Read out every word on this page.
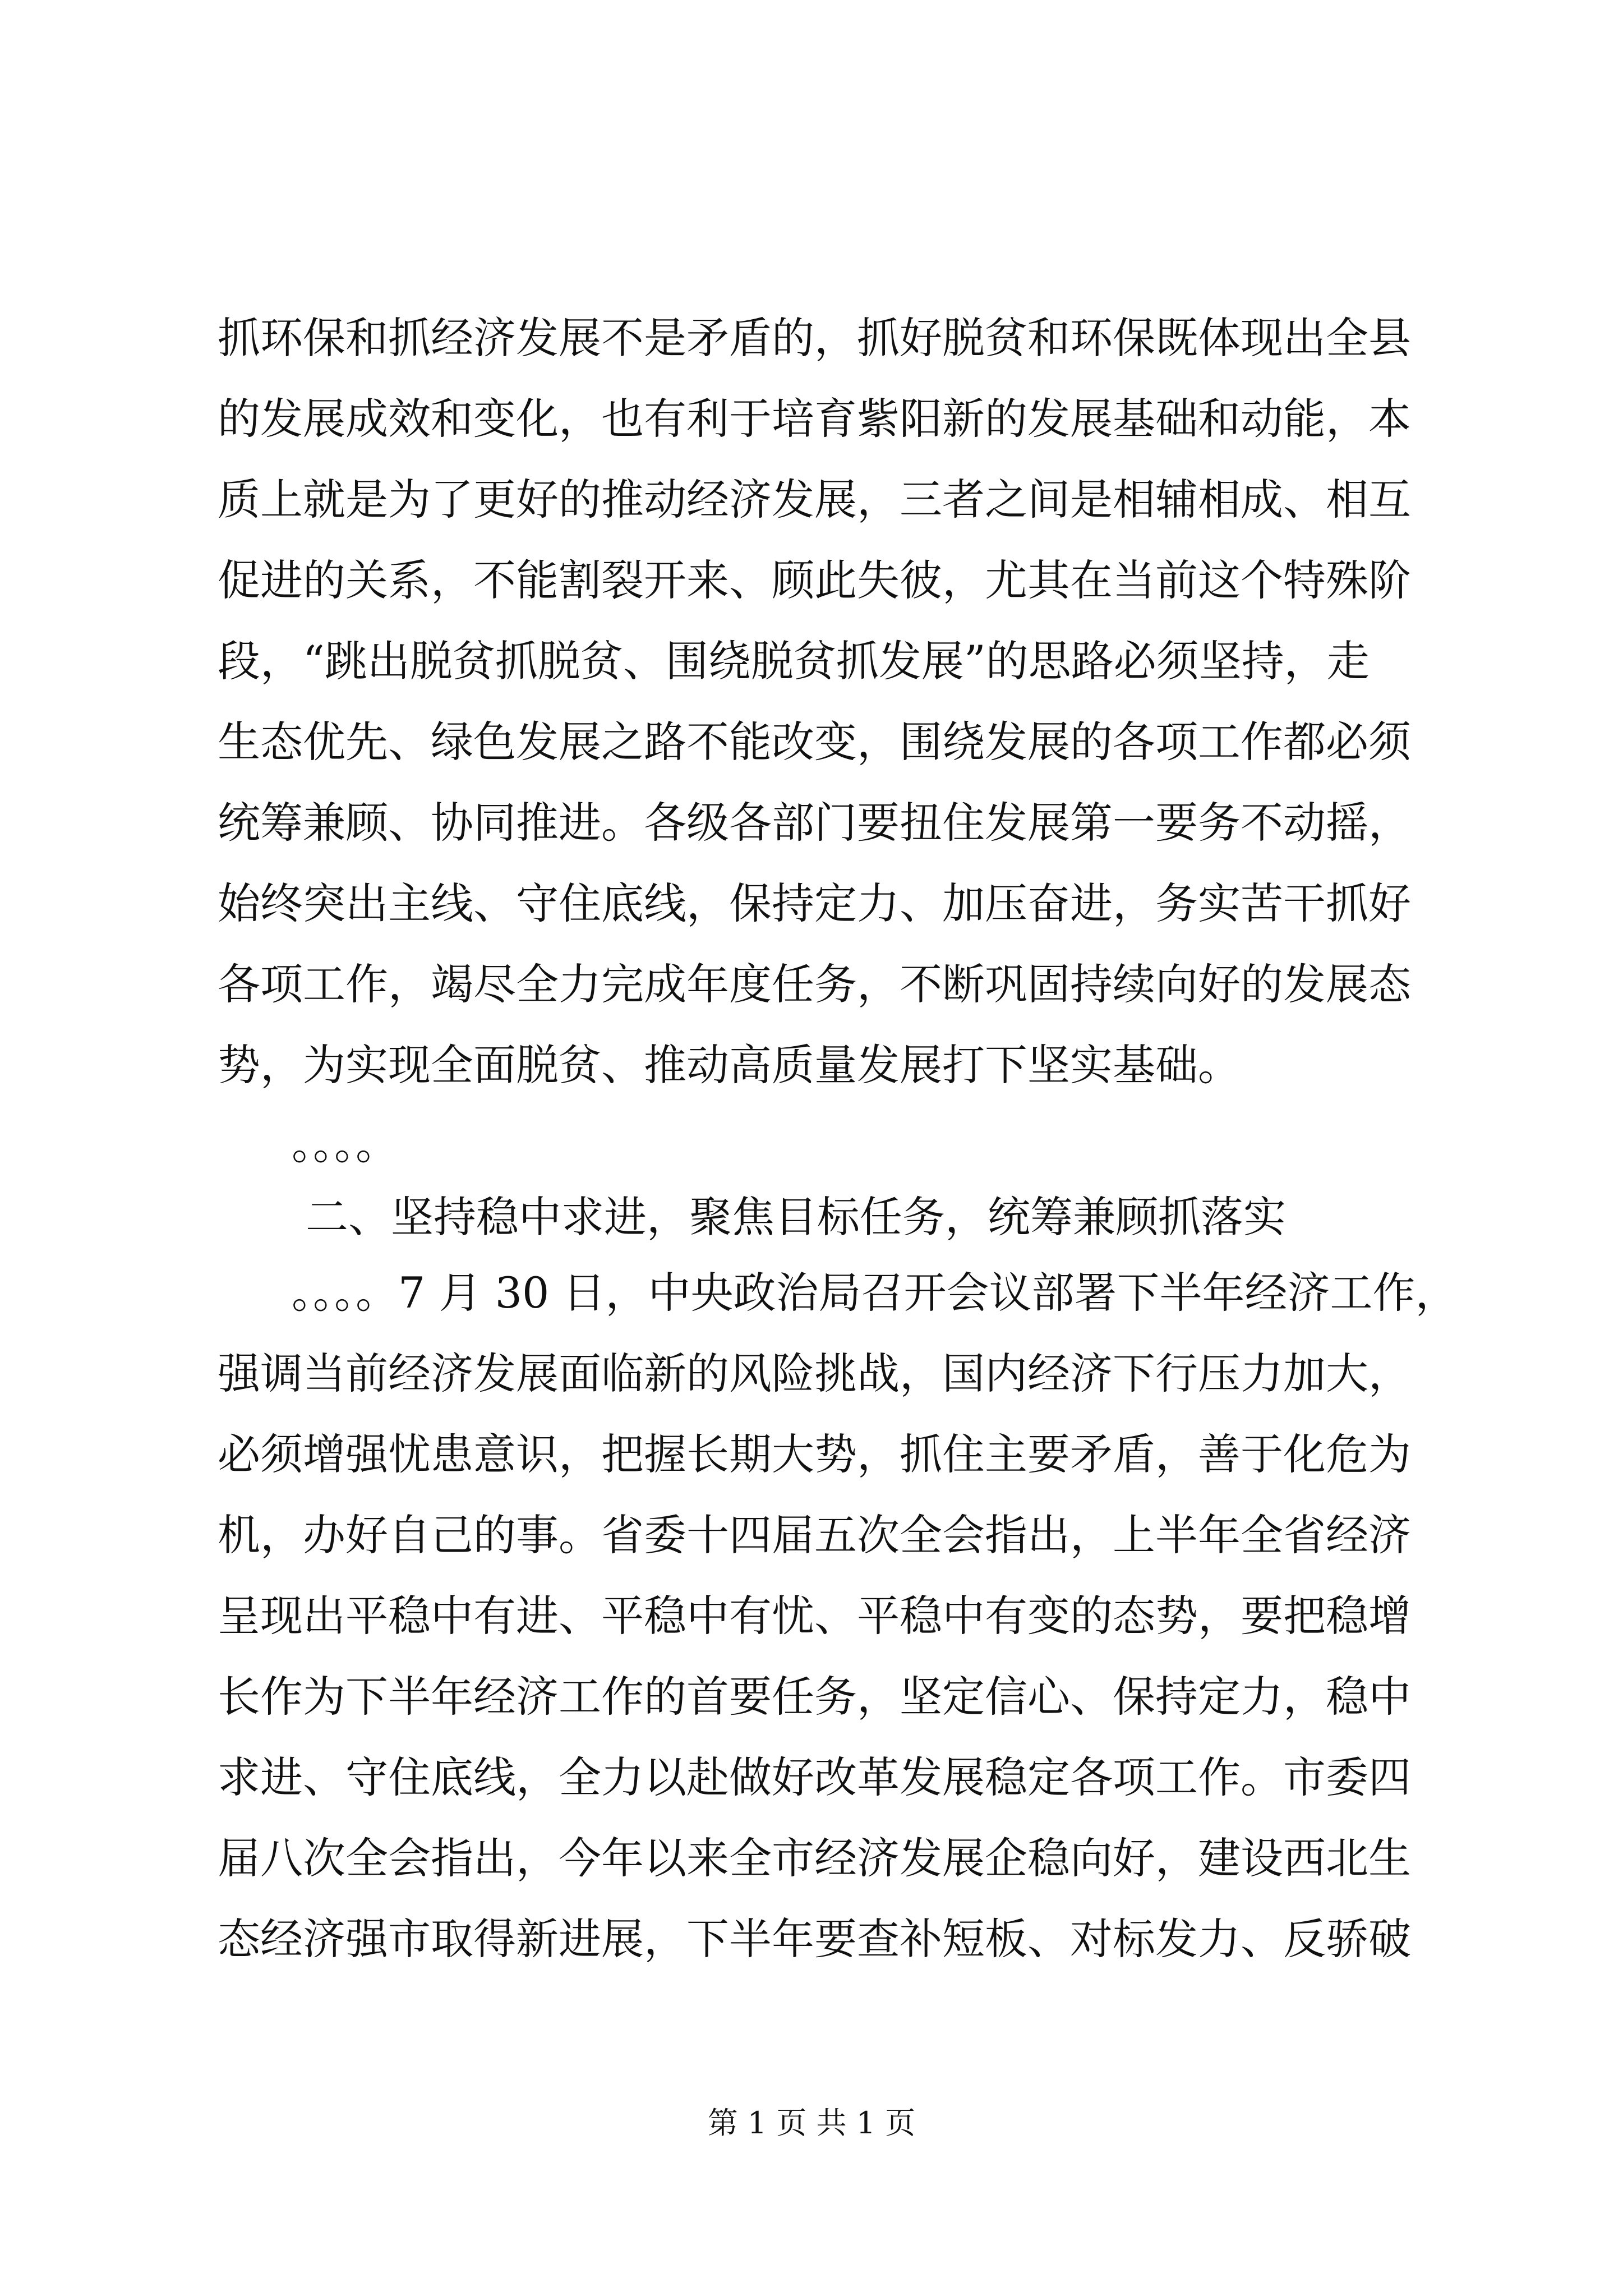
抓环保和抓经济发展不是矛盾的，抓好脱贫和环保既体现出全县
的发展成效和变化，也有利于培育紫阳新的发展基础和动能，本
质上就是为了更好的推动经济发展，三者之间是相辅相成、相互
促进的关系，不能割裂开来、顾此失彼，尤其在当前这个特殊阶
段，“跳出脱贫抓脱贫、围绕脱贫抓发展”的思路必须坚持，走
生态优先、绿色发展之路不能改变，围绕发展的各项工作都必须
统筹兼顾、协同推进。各级各部门要扭住发展第一要务不动摇，
始终突出主线、守住底线，保持定力、加压奋进，务实苦干抓好
各项工作，竭尽全力完成年度任务，不断巩固持续向好的发展态
势，为实现全面脱贫、推动高质量发展打下坚实基础。
。。。。
二、坚持稳中求进，聚焦目标任务，统筹兼顾抓落实
。。。。7 月 30 日，中央政治局召开会议部署下半年经济工作，
强调当前经济发展面临新的风险挑战，国内经济下行压力加大，
必须增强忧患意识，把握长期大势，抓住主要矛盾，善于化危为
机，办好自己的事。省委十四届五次全会指出，上半年全省经济
呈现出平稳中有进、平稳中有忧、平稳中有变的态势，要把稳增
长作为下半年经济工作的首要任务，坚定信心、保持定力，稳中
求进、守住底线，全力以赴做好改革发展稳定各项工作。市委四
届八次全会指出，今年以来全市经济发展企稳向好，建设西北生
态经济强市取得新进展，下半年要查补短板、对标发力、反骄破
第 1 页 共 1 页
